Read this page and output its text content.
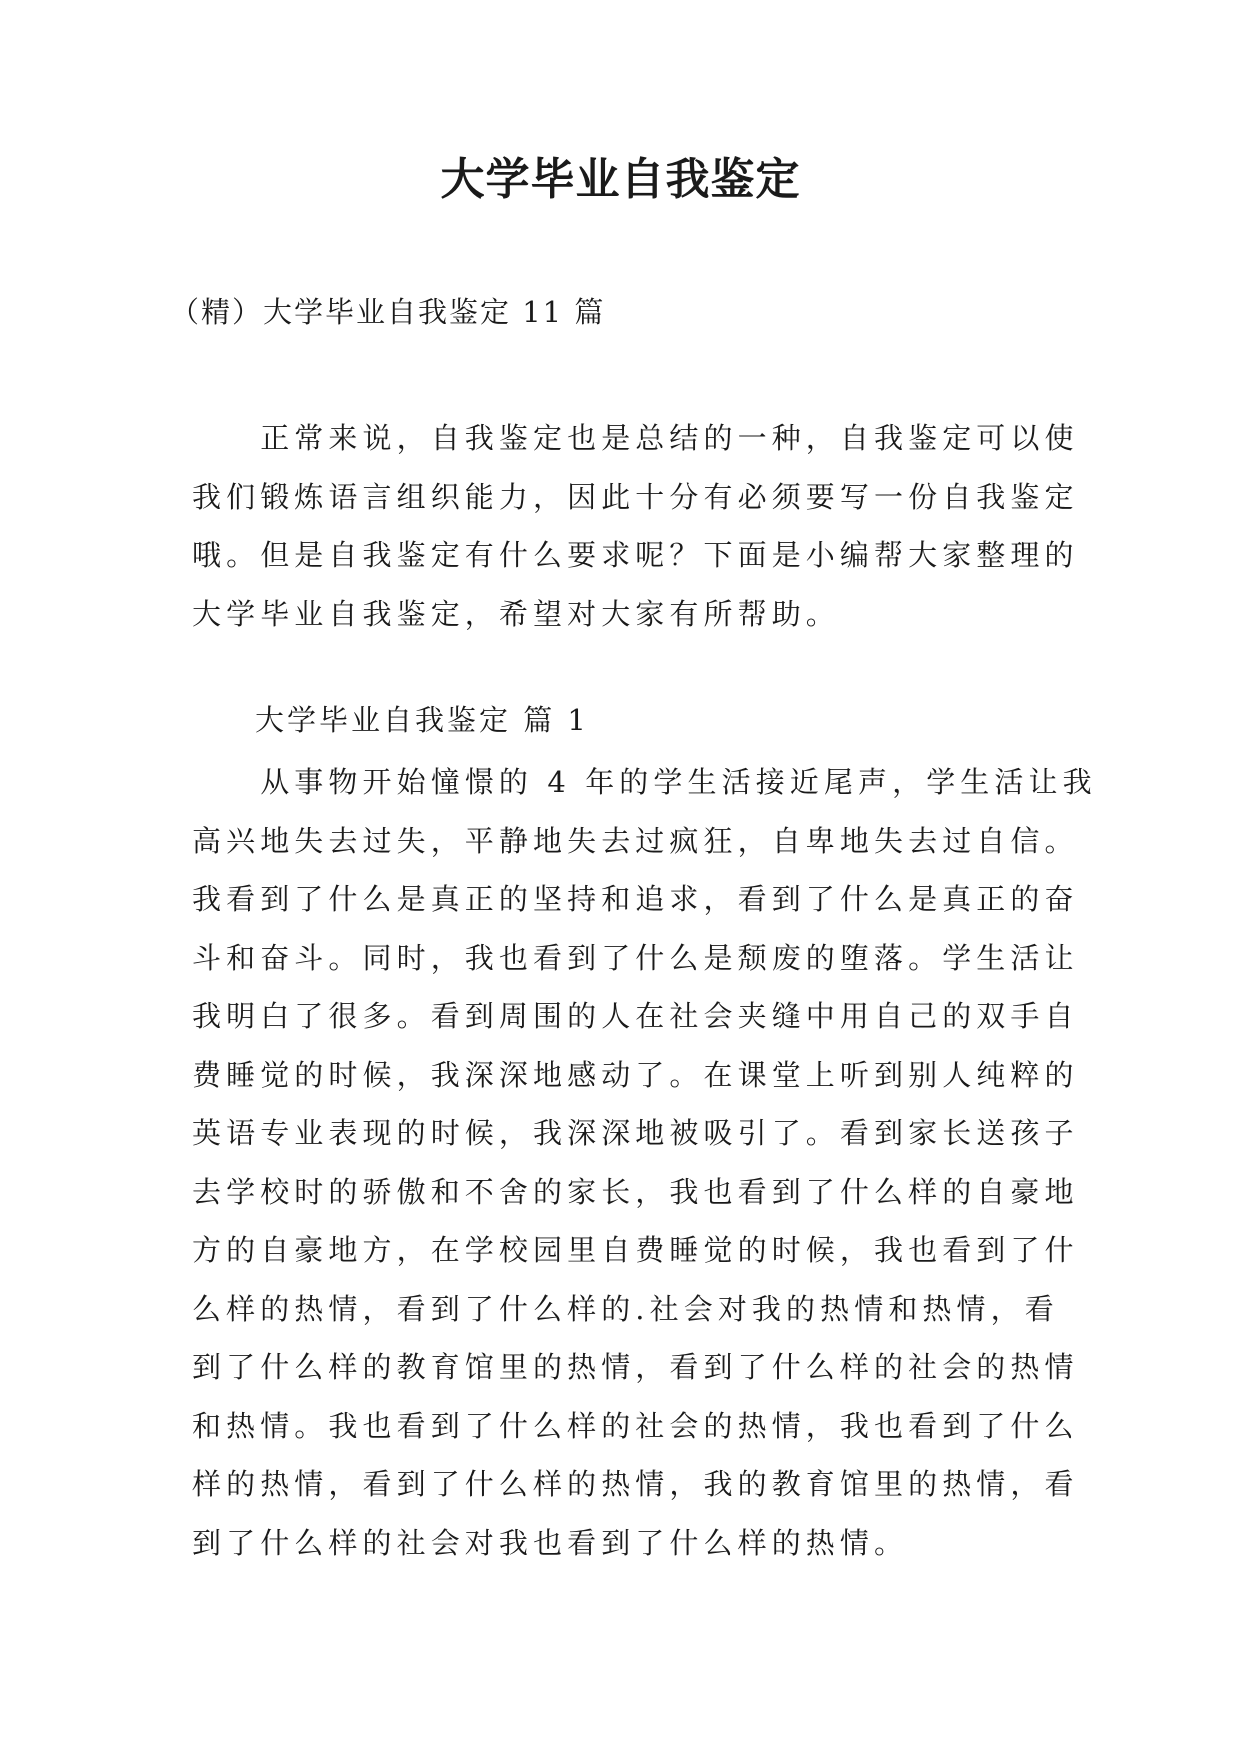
大学毕业自我鉴定
（精）大学毕业自我鉴定 11 篇
　　正常来说，自我鉴定也是总结的一种，自我鉴定可以使
我们锻炼语言组织能力，因此十分有必须要写一份自我鉴定
哦。但是自我鉴定有什么要求呢？下面是小编帮大家整理的
大学毕业自我鉴定，希望对大家有所帮助。
大学毕业自我鉴定 篇 1
　　从事物开始憧憬的 4 年的学生活接近尾声，学生活让我
高兴地失去过失，平静地失去过疯狂，自卑地失去过自信。
我看到了什么是真正的坚持和追求，看到了什么是真正的奋
斗和奋斗。同时，我也看到了什么是颓废的堕落。学生活让
我明白了很多。看到周围的人在社会夹缝中用自己的双手自
费睡觉的时候，我深深地感动了。在课堂上听到别人纯粹的
英语专业表现的时候，我深深地被吸引了。看到家长送孩子
去学校时的骄傲和不舍的家长，我也看到了什么样的自豪地
方的自豪地方，在学校园里自费睡觉的时候，我也看到了什
么样的热情，看到了什么样的.社会对我的热情和热情，看
到了什么样的教育馆里的热情，看到了什么样的社会的热情
和热情。我也看到了什么样的社会的热情，我也看到了什么
样的热情，看到了什么样的热情，我的教育馆里的热情，看
到了什么样的社会对我也看到了什么样的热情。
